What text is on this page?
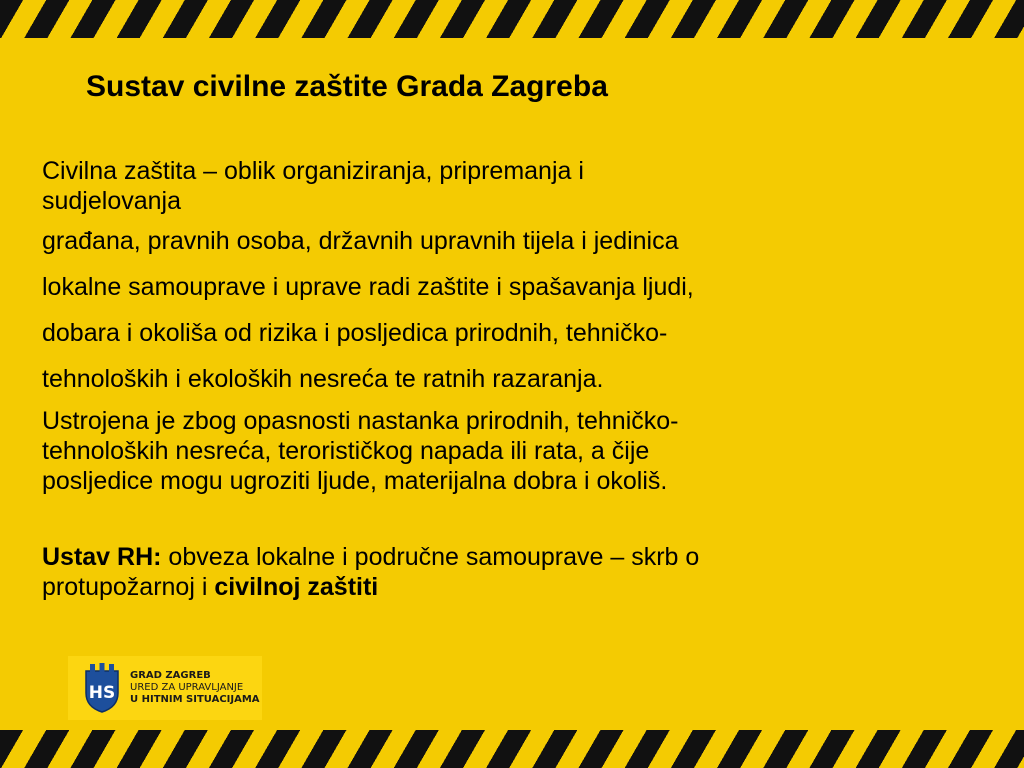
Sustav civilne zaštite Grada Zagreba
Civilna zaštita – oblik organiziranja, pripremanja i
sudjelovanja
građana, pravnih osoba, državnih upravnih tijela i jedinica
lokalne samouprave i uprave radi zaštite i spašavanja ljudi,
dobara i okoliša od rizika i posljedica prirodnih, tehničko-
tehnoloških i ekoloških nesreća te ratnih razaranja.
Ustrojena je zbog opasnosti nastanka prirodnih, tehničko-
tehnoloških nesreća, terorističkog napada ili rata, a čije
posljedice mogu ugroziti ljude, materijalna dobra i okoliš.
Ustav RH: obveza lokalne i područne samouprave – skrb o
protupožarnoj i civilnoj zaštiti
HS
GRAD ZAGREB
URED ZA UPRAVLJANJE
U HITNIM SITUACIJAMA
